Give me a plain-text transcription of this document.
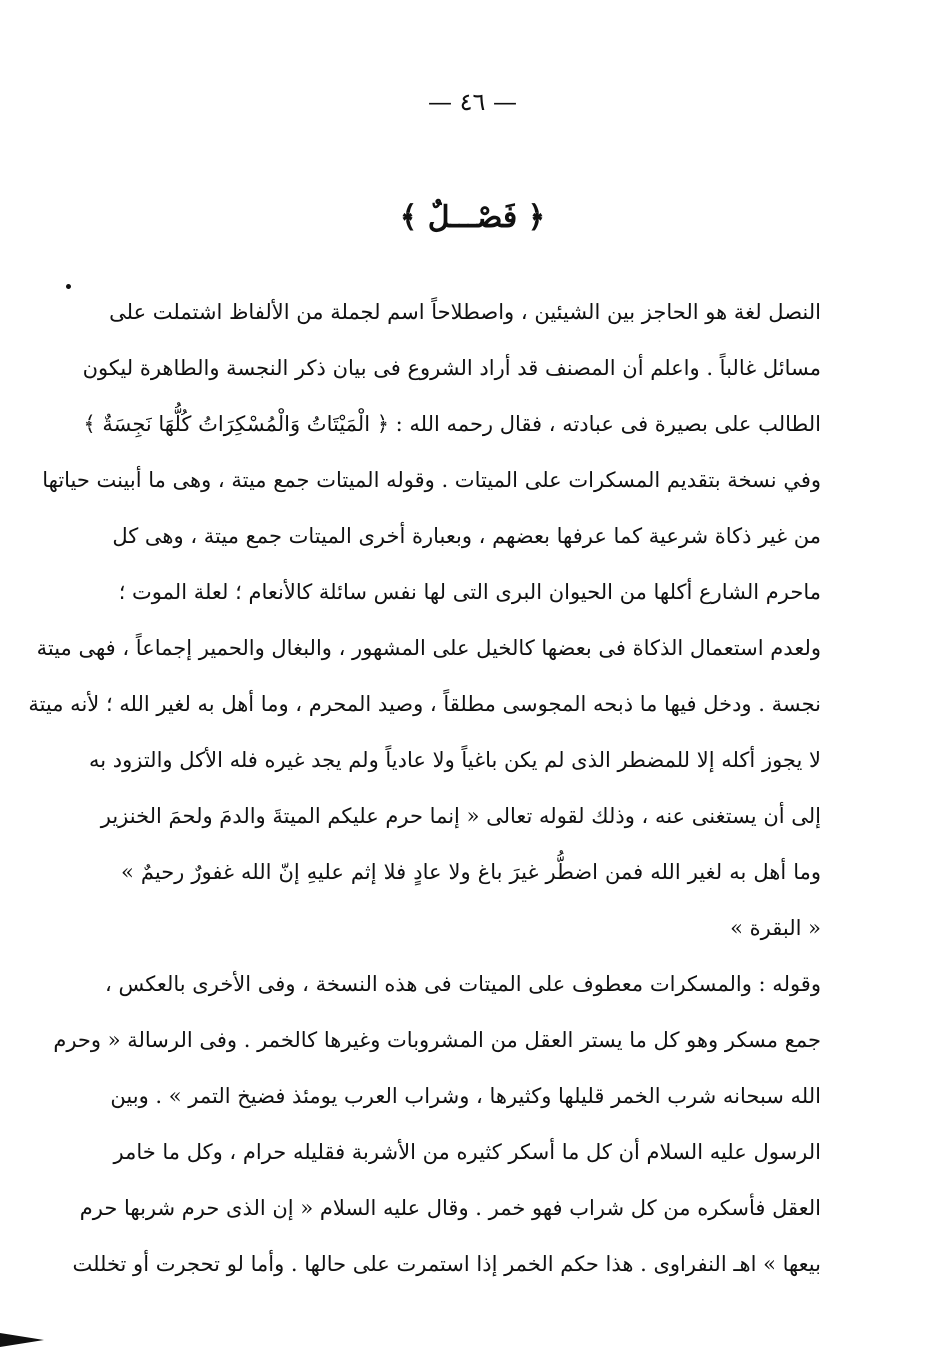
— ٤٦ —
﴿ فَصْـــلٌ ﴾
النصل لغة هو الحاجز بين الشيئين ، واصطلاحاً اسم لجملة من الألفاظ اشتملت على
مسائل غالباً . واعلم أن المصنف قد أراد الشروع فى بيان ذكر النجسة والطاهرة ليكون
الطالب على بصيرة فى عبادته ، فقال رحمه الله : ﴿ الْمَيْتَاتُ وَالْمُسْكِرَاتُ كُلُّهَا نَجِسَةٌ ﴾
وفي نسخة بتقديم المسكرات على الميتات . وقوله الميتات جمع ميتة ، وهى ما أبينت حياتها
من غير ذكاة شرعية كما عرفها بعضهم ، وبعبارة أخرى الميتات جمع ميتة ، وهى كل
ماحرم الشارع أكلها من الحيوان البرى التى لها نفس سائلة كالأنعام ؛ لعلة الموت ؛
ولعدم استعمال الذكاة فى بعضها كالخيل على المشهور ، والبغال والحمير إجماعاً ، فهى ميتة
نجسة . ودخل فيها ما ذبحه المجوسى مطلقاً ، وصيد المحرم ، وما أهل به لغير الله ؛ لأنه ميتة
لا يجوز أكله إلا للمضطر الذى لم يكن باغياً ولا عادياً ولم يجد غيره فله الأكل والتزود به
إلى أن يستغنى عنه ، وذلك لقوله تعالى « إنما حرم عليكم الميتةَ والدمَ ولحمَ الخنزير
وما أهل به لغير الله فمن اضطُّر غيرَ باغ ولا عادٍ فلا إثم عليهِ إنّ الله غفورٌ رحيمٌ »
« البقرة »
وقوله : والمسكرات معطوف على الميتات فى هذه النسخة ، وفى الأخرى بالعكس ،
جمع مسكر وهو كل ما يستر العقل من المشروبات وغيرها كالخمر . وفى الرسالة « وحرم
الله سبحانه شرب الخمر قليلها وكثيرها ، وشراب العرب يومئذ فضيخ التمر » . وبين
الرسول عليه السلام أن كل ما أسكر كثيره من الأشربة فقليله حرام ، وكل ما خامر
العقل فأسكره من كل شراب فهو خمر . وقال عليه السلام « إن الذى حرم شربها حرم
بيعها » اهـ النفراوى . هذا حكم الخمر إذا استمرت على حالها . وأما لو تحجرت أو تخللت
